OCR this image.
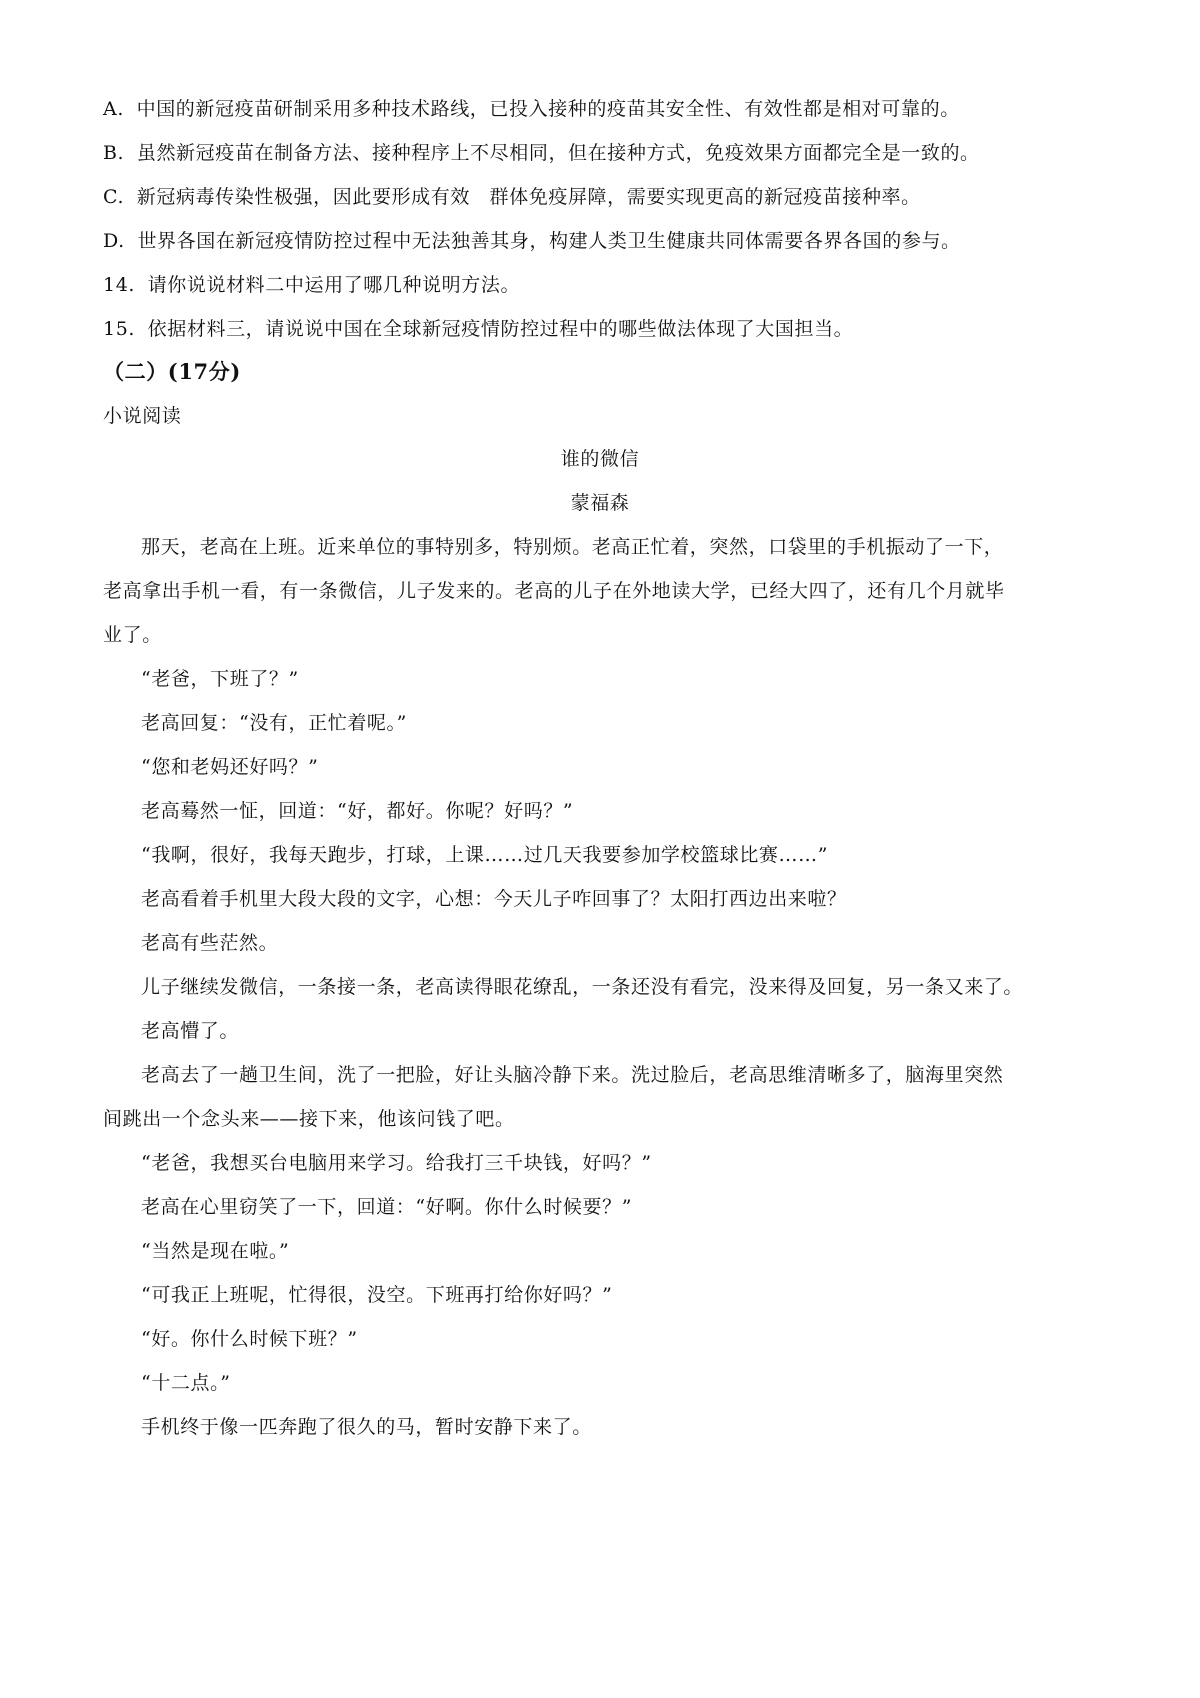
A. 中国的新冠疫苗研制采用多种技术路线，已投入接种的疫苗其安全性、有效性都是相对可靠的。
B. 虽然新冠疫苗在制备方法、接种程序上不尽相同，但在接种方式，免疫效果方面都完全是一致的。
C. 新冠病毒传染性极强，因此要形成有效　群体免疫屏障，需要实现更高的新冠疫苗接种率。
D. 世界各国在新冠疫情防控过程中无法独善其身，构建人类卫生健康共同体需要各界各国的参与。
14. 请你说说材料二中运用了哪几种说明方法。
15. 依据材料三，请说说中国在全球新冠疫情防控过程中的哪些做法体现了大国担当。
（二）(17分)
小说阅读
谁的微信
蒙福森
那天，老高在上班。近来单位的事特别多，特别烦。老高正忙着，突然，口袋里的手机振动了一下，
老高拿出手机一看，有一条微信，儿子发来的。老高的儿子在外地读大学，已经大四了，还有几个月就毕
业了。
“老爸，下班了？”
老高回复：“没有，正忙着呢。”
“您和老妈还好吗？”
老高蓦然一怔，回道：“好，都好。你呢？好吗？”
“我啊，很好，我每天跑步，打球，上课……过几天我要参加学校篮球比赛……”
老高看着手机里大段大段的文字，心想：今天儿子咋回事了？太阳打西边出来啦？
老高有些茫然。
儿子继续发微信，一条接一条，老高读得眼花缭乱，一条还没有看完，没来得及回复，另一条又来了。
老高懵了。
老高去了一趟卫生间，洗了一把脸，好让头脑冷静下来。洗过脸后，老高思维清晰多了，脑海里突然
间跳出一个念头来——接下来，他该问钱了吧。
“老爸，我想买台电脑用来学习。给我打三千块钱，好吗？”
老高在心里窃笑了一下，回道：“好啊。你什么时候要？”
“当然是现在啦。”
“可我正上班呢，忙得很，没空。下班再打给你好吗？”
“好。你什么时候下班？”
“十二点。”
手机终于像一匹奔跑了很久的马，暂时安静下来了。
